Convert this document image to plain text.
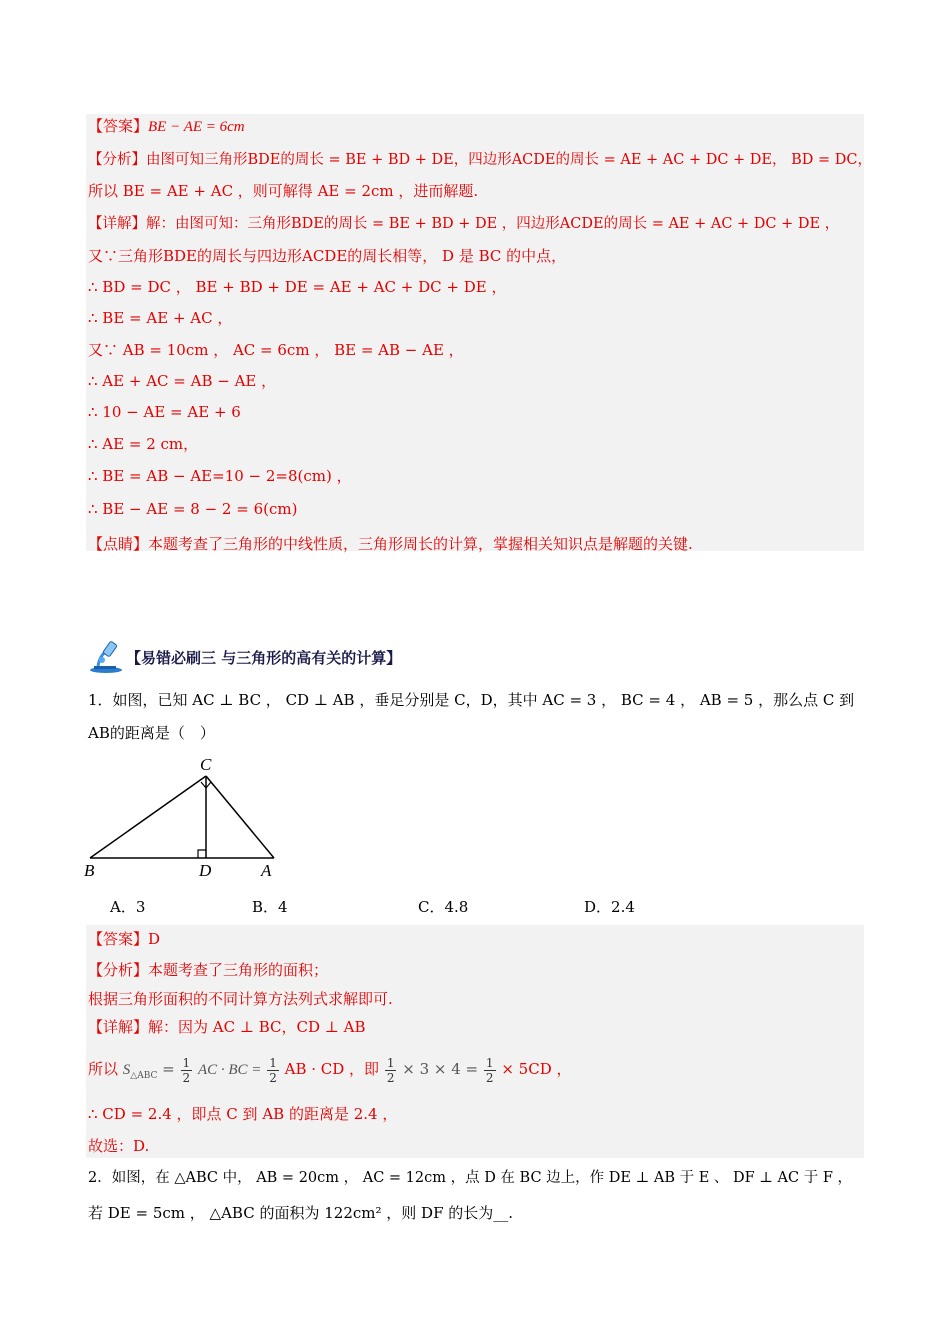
【答案】BE − AE = 6cm
【分析】由图可知三角形BDE的周长 = BE + BD + DE，四边形ACDE的周长 = AE + AC + DC + DE， BD = DC，
所以 BE = AE + AC ，则可解得 AE = 2cm ，进而解题.
【详解】解：由图可知：三角形BDE的周长 = BE + BD + DE ，四边形ACDE的周长 = AE + AC + DC + DE ，
又∵三角形BDE的周长与四边形ACDE的周长相等， D 是 BC 的中点，
∴ BD = DC ， BE + BD + DE = AE + AC + DC + DE ，
∴ BE = AE + AC ，
又∵ AB = 10cm ， AC = 6cm ， BE = AB − AE ，
∴ AE + AC = AB − AE ，
∴ 10 − AE = AE + 6
∴ AE = 2 cm，
∴ BE = AB − AE=10 − 2=8(cm) ，
∴ BE − AE = 8 − 2 = 6(cm)
【点睛】本题考查了三角形的中线性质，三角形周长的计算，掌握相关知识点是解题的关键.
【易错必刷三 与三角形的高有关的计算】
1．如图，已知 AC ⊥ BC ， CD ⊥ AB ，垂足分别是 C，D，其中 AC = 3 ， BC = 4 ， AB = 5 ，那么点 C 到
AB的距离是（　）
C
B	D	A
A．3	B．4	C．4.8	D．2.4
【答案】D
【分析】本题考查了三角形的面积；
根据三角形面积的不同计算方法列式求解即可.
【详解】解：因为 AC ⊥ BC，CD ⊥ AB
所以 $S_{\triangle ABC} = \frac{1}{2}$ AC · BC = $\frac{1}{2}$ AB · CD ，即 $\frac{1}{2} \times 3 \times 4 = \frac{1}{2} \times 5CD$ ，
∴ CD = 2.4 ，即点 C 到 AB 的距离是 2.4 ，
故选：D.
2．如图，在 △ABC 中， AB = 20cm ， AC = 12cm ，点 D 在 BC 边上，作 DE ⊥ AB 于 E 、 DF ⊥ AC 于 F ，
若 DE = 5cm ， △ABC 的面积为 122cm² ，则 DF 的长为__.
